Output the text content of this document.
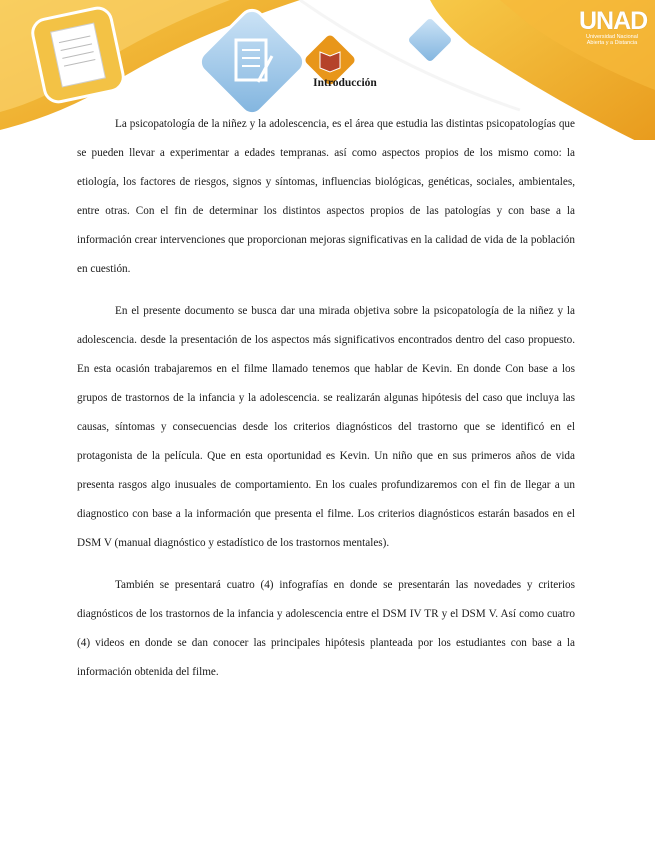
UNAD
Universidad Nacional
Abierta y a Distancia
Introducción

La psicopatología de la niñez y la adolescencia, es el área que estudia las distintas psicopatologías que se pueden llevar a experimentar a edades tempranas. así como aspectos propios de los mismo como: la etiología, los factores de riesgos, signos y síntomas, influencias biológicas, genéticas, sociales, ambientales, entre otras. Con el fin de determinar los distintos aspectos propios de las patologías y con base a la información crear intervenciones que proporcionan mejoras significativas en la calidad de vida de la población en cuestión.

En el presente documento se busca dar una mirada objetiva sobre la psicopatología de la niñez y la adolescencia. desde la presentación de los aspectos más significativos encontrados dentro del caso propuesto. En esta ocasión trabajaremos en el filme llamado tenemos que hablar de Kevin. En donde Con base a los grupos de trastornos de la infancia y la adolescencia. se realizarán algunas hipótesis del caso que incluya las causas, síntomas y consecuencias desde los criterios diagnósticos del trastorno que se identificó en el protagonista de la película. Que en esta oportunidad es Kevin. Un niño que en sus primeros años de vida presenta rasgos algo inusuales de comportamiento. En los cuales profundizaremos con el fin de llegar a un diagnostico con base a la información que presenta el filme. Los criterios diagnósticos estarán basados en el DSM V (manual diagnóstico y estadístico de los trastornos mentales).

También se presentará cuatro (4) infografías en donde se presentarán las novedades y criterios diagnósticos de los trastornos de la infancia y adolescencia entre el DSM IV TR y el DSM V. Así como cuatro (4) videos en donde se dan conocer las principales hipótesis planteada por los estudiantes con base a la información obtenida del filme.
